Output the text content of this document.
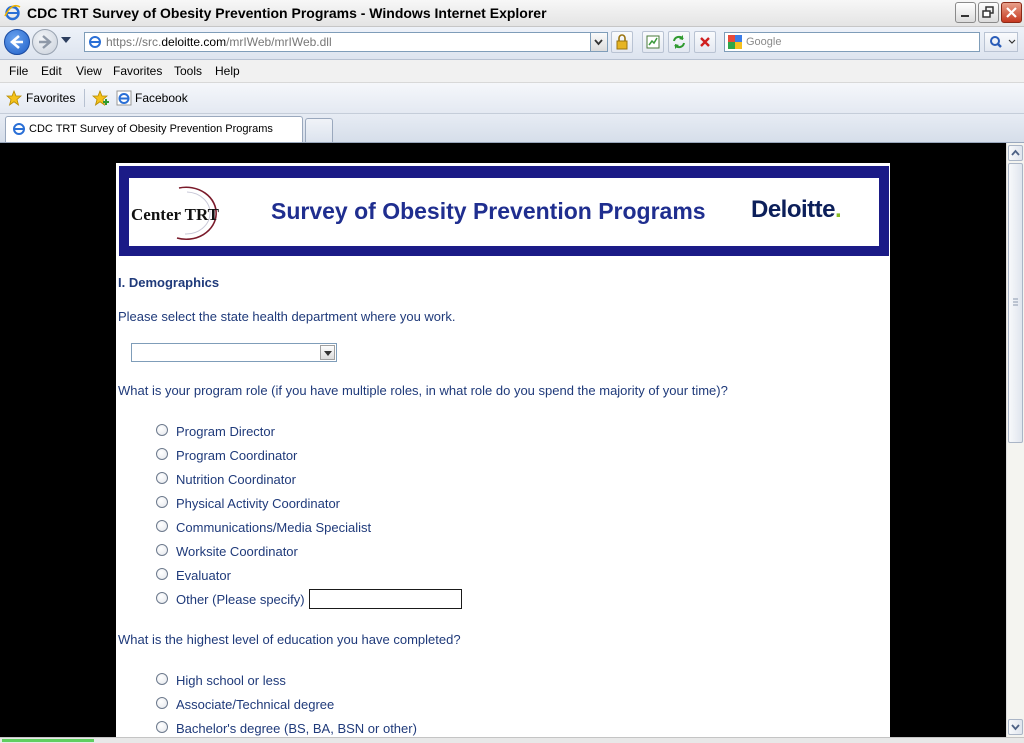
CDC TRT Survey of Obesity Prevention Programs - Windows Internet Explorer
https://src.deloitte.com/mrIWeb/mrIWeb.dll	Google
File Edit View Favorites Tools Help
Favorites	Facebook
CDC TRT Survey of Obesity Prevention Programs
Center TRT Survey of Obesity Prevention Programs Deloitte.
I. Demographics
Please select the state health department where you work.
What is your program role (if you have multiple roles, in what role do you spend the majority of your time)?
Program Director
Program Coordinator
Nutrition Coordinator
Physical Activity Coordinator
Communications/Media Specialist
Worksite Coordinator
Evaluator
Other (Please specify)
What is the highest level of education you have completed?
High school or less
Associate/Technical degree
Bachelor's degree (BS, BA, BSN or other)
